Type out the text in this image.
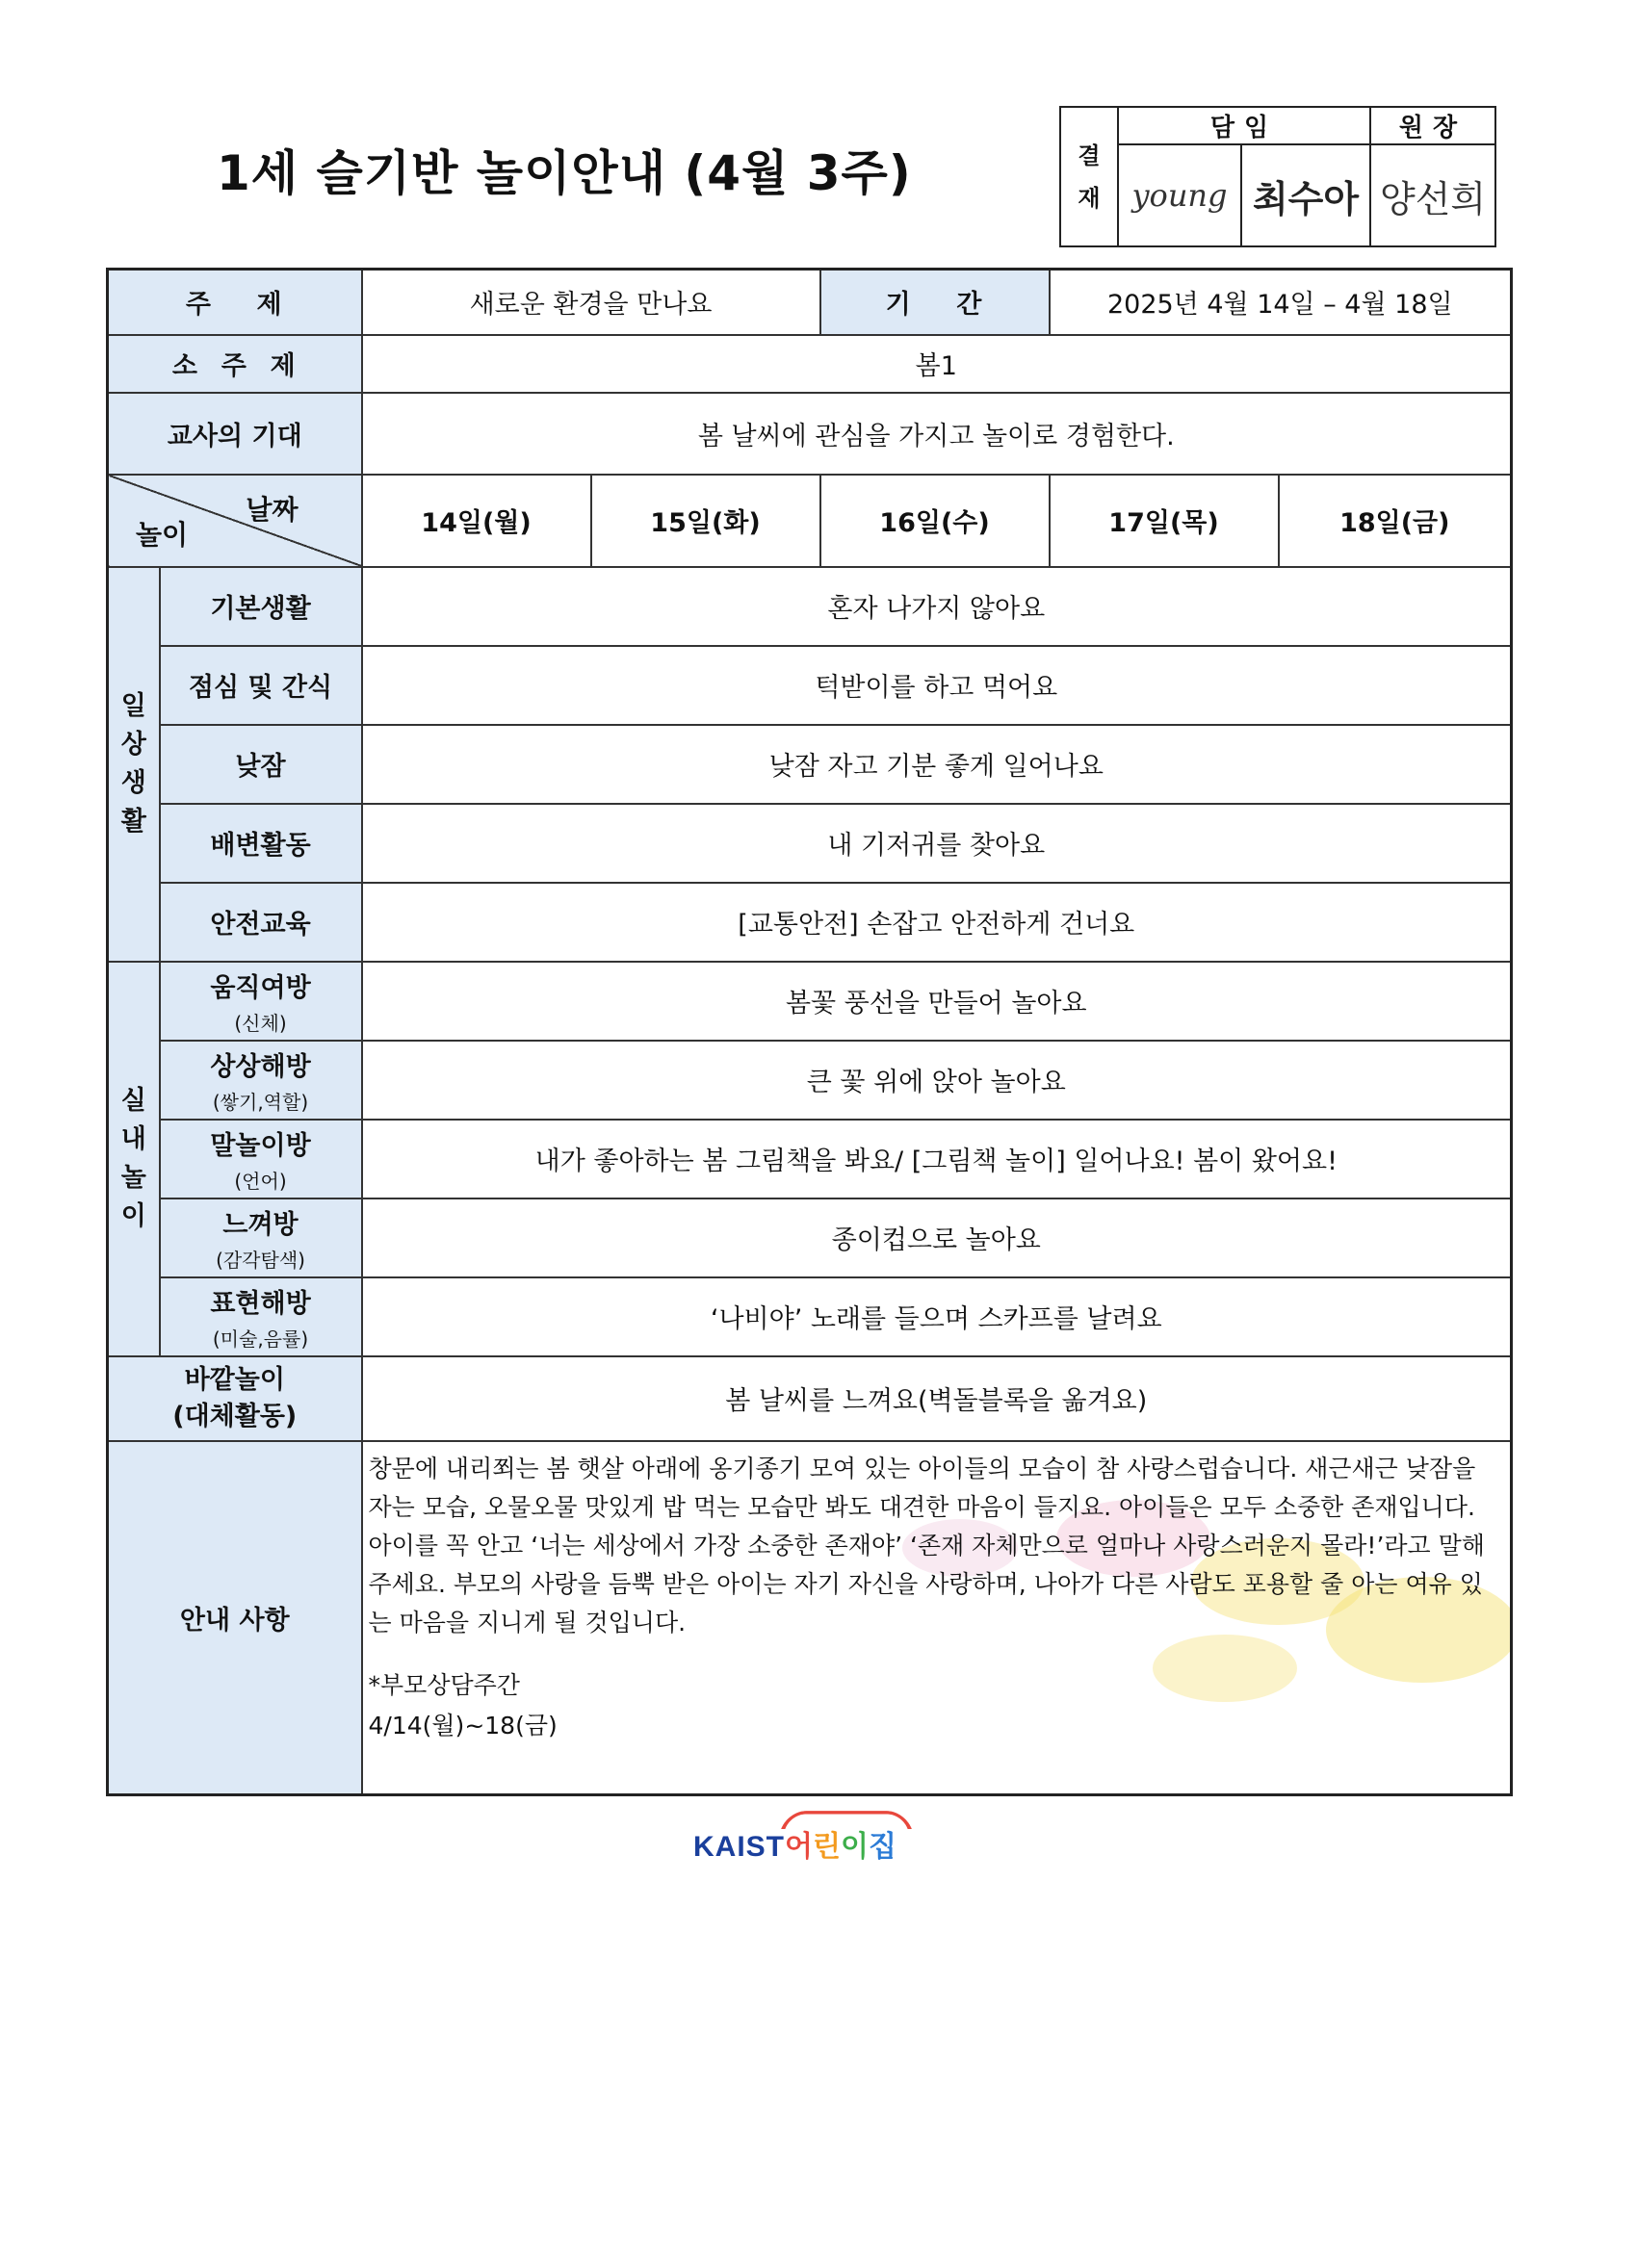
1세 슬기반 놀이안내 (4월 3주)	결
재	담임		원장
	young	최수아	양선희
주    제		새로운 환경을 만나요		기    간	2025년 4월 14일 – 4월 18일	
소  주  제		봄1				
교사의 기대		봄 날씨에 관심을 가지고 놀이로 경험한다.				

날짜
놀이		14일(월)	15일(화)	16일(수)	17일(목)	18일(금)
일
상
생
활	기본생활	혼자 나가지 않아요				
	점심 및 간식	턱받이를 하고 먹어요				
	낮잠	낮잠 자고 기분 좋게 일어나요				
	배변활동	내 기저귀를 찾아요				
	안전교육	[교통안전] 손잡고 안전하게 건너요				
실
내
놀
이	움직여방
(신체)	봄꽃 풍선을 만들어 놀아요				
	상상해방
(쌓기,역할)	큰 꽃 위에 앉아 놀아요				
	말놀이방
(언어)	내가 좋아하는 봄 그림책을 봐요/ [그림책 놀이] 일어나요! 봄이 왔어요!				
	느껴방
(감각탐색)	종이컵으로 놀아요				
	표현해방
(미술,음률)	‘나비야’ 노래를 들으며 스카프를 날려요				
바깥놀이
(대체활동)		봄 날씨를 느껴요(벽돌블록을 옮겨요)				
안내 사항		창문에 내리쬐는 봄 햇살 아래에 옹기종기 모여 있는 아이들의 모습이 참 사랑스럽습니다. 새근새근 낮잠을 자는 모습, 오물오물 맛있게 밥 먹는 모습만 봐도 대견한 마음이 들지요. 아이들은 모두 소중한 존재입니다. 아이를 꼭 안고 ‘너는 세상에서 가장 소중한 존재야’ ‘존재 자체만으로 얼마나 사랑스러운지 몰라!’라고 말해주세요. 부모의 사랑을 듬뿍 받은 아이는 자기 자신을 사랑하며, 나아가 다른 사람도 포용할 줄 아는 여유 있는 마음을 지니게 될 것입니다.
*부모상담주간
4/14(월)~18(금)				
KAIST어린이집
